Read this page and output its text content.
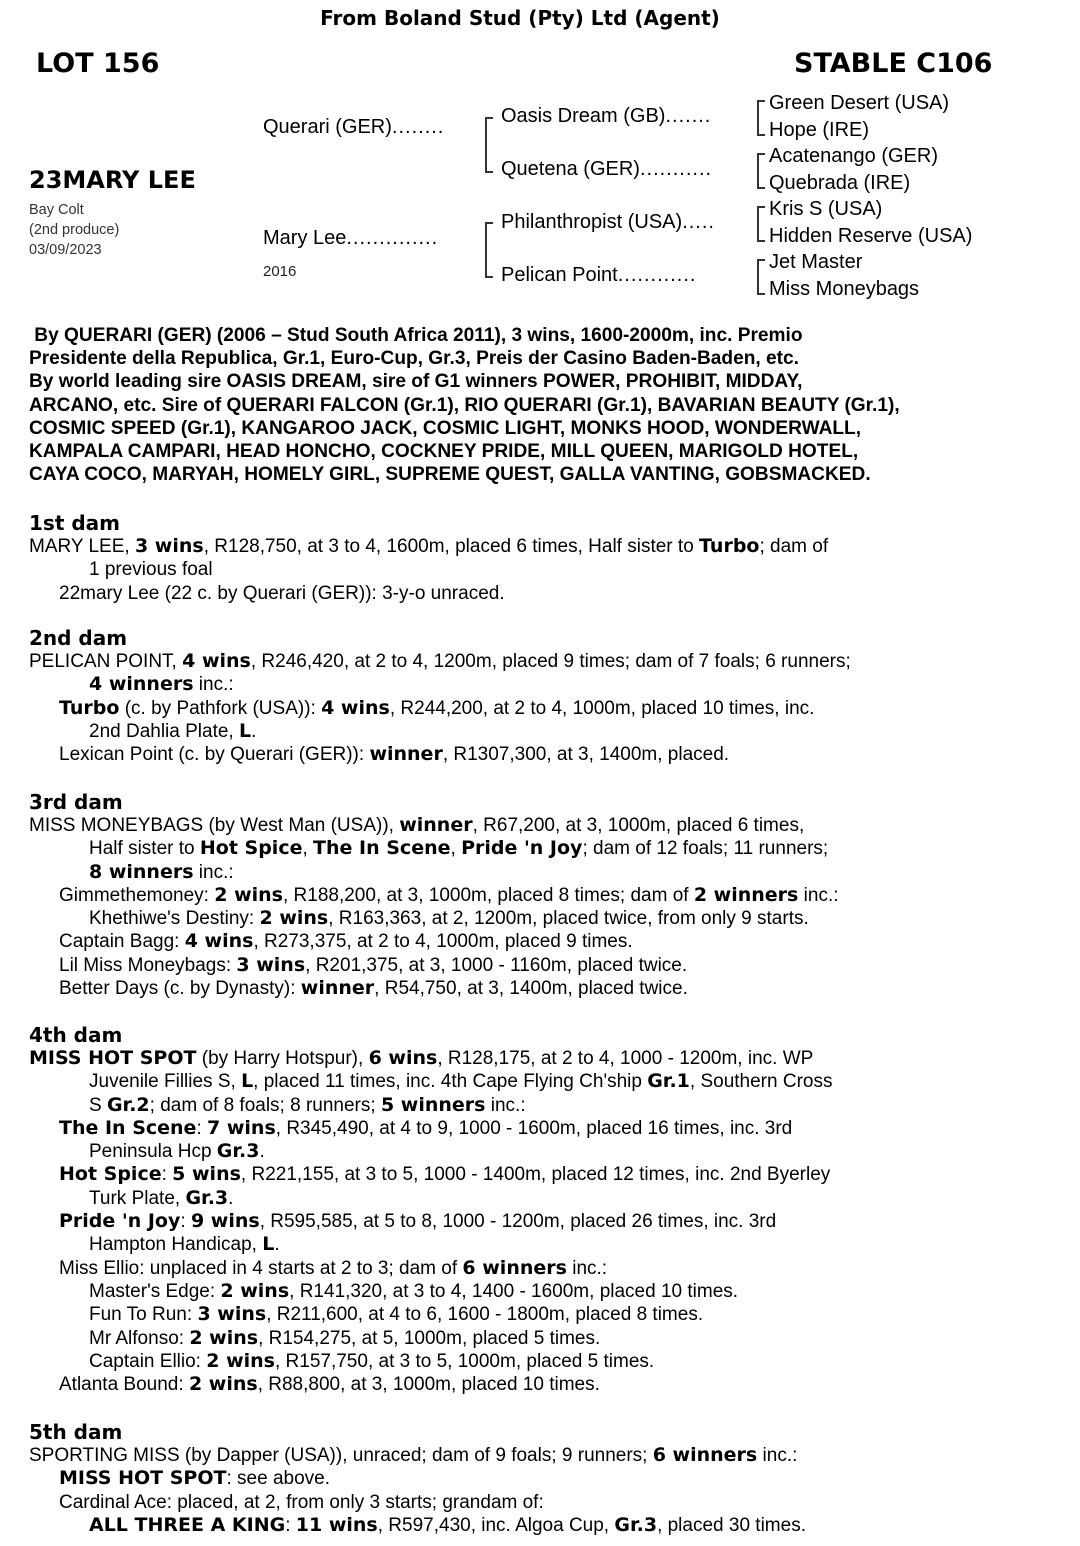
From Boland Stud (Pty) Ltd (Agent)
LOT 156	STABLE C106
23MARY LEE
Bay Colt
(2nd produce)
03/09/2023
Querari (GER)........
Mary Lee..............
2016
Oasis Dream (GB).......
Quetena (GER)...........
Philanthropist (USA).....
Pelican Point............
Green Desert (USA)
Hope (IRE)
Acatenango (GER)
Quebrada (IRE)
Kris S (USA)
Hidden Reserve (USA)
Jet Master
Miss Moneybags
By QUERARI (GER) (2006 – Stud South Africa 2011), 3 wins, 1600-2000m, inc. Premio
Presidente della Republica, Gr.1, Euro-Cup, Gr.3, Preis der Casino Baden-Baden, etc.
By world leading sire OASIS DREAM, sire of G1 winners POWER, PROHIBIT, MIDDAY,
ARCANO, etc. Sire of QUERARI FALCON (Gr.1), RIO QUERARI (Gr.1), BAVARIAN BEAUTY (Gr.1),
COSMIC SPEED (Gr.1), KANGAROO JACK, COSMIC LIGHT, MONKS HOOD, WONDERWALL,
KAMPALA CAMPARI, HEAD HONCHO, COCKNEY PRIDE, MILL QUEEN, MARIGOLD HOTEL,
CAYA COCO, MARYAH, HOMELY GIRL, SUPREME QUEST, GALLA VANTING, GOBSMACKED.
1st dam
MARY LEE, 3 wins, R128,750, at 3 to 4, 1600m, placed 6 times, Half sister to Turbo; dam of
1 previous foal
22mary Lee (22 c. by Querari (GER)): 3-y-o unraced.
2nd dam
PELICAN POINT, 4 wins, R246,420, at 2 to 4, 1200m, placed 9 times; dam of 7 foals; 6 runners;
4 winners inc.:
Turbo (c. by Pathfork (USA)): 4 wins, R244,200, at 2 to 4, 1000m, placed 10 times, inc.
2nd Dahlia Plate, L.
Lexican Point (c. by Querari (GER)): winner, R1307,300, at 3, 1400m, placed.
3rd dam
MISS MONEYBAGS (by West Man (USA)), winner, R67,200, at 3, 1000m, placed 6 times,
Half sister to Hot Spice, The In Scene, Pride 'n Joy; dam of 12 foals; 11 runners;
8 winners inc.:
Gimmethemoney: 2 wins, R188,200, at 3, 1000m, placed 8 times; dam of 2 winners inc.:
Khethiwe's Destiny: 2 wins, R163,363, at 2, 1200m, placed twice, from only 9 starts.
Captain Bagg: 4 wins, R273,375, at 2 to 4, 1000m, placed 9 times.
Lil Miss Moneybags: 3 wins, R201,375, at 3, 1000 - 1160m, placed twice.
Better Days (c. by Dynasty): winner, R54,750, at 3, 1400m, placed twice.
4th dam
MISS HOT SPOT (by Harry Hotspur), 6 wins, R128,175, at 2 to 4, 1000 - 1200m, inc. WP
Juvenile Fillies S, L, placed 11 times, inc. 4th Cape Flying Ch'ship Gr.1, Southern Cross
S Gr.2; dam of 8 foals; 8 runners; 5 winners inc.:
The In Scene: 7 wins, R345,490, at 4 to 9, 1000 - 1600m, placed 16 times, inc. 3rd
Peninsula Hcp Gr.3.
Hot Spice: 5 wins, R221,155, at 3 to 5, 1000 - 1400m, placed 12 times, inc. 2nd Byerley
Turk Plate, Gr.3.
Pride 'n Joy: 9 wins, R595,585, at 5 to 8, 1000 - 1200m, placed 26 times, inc. 3rd
Hampton Handicap, L.
Miss Ellio: unplaced in 4 starts at 2 to 3; dam of 6 winners inc.:
Master's Edge: 2 wins, R141,320, at 3 to 4, 1400 - 1600m, placed 10 times.
Fun To Run: 3 wins, R211,600, at 4 to 6, 1600 - 1800m, placed 8 times.
Mr Alfonso: 2 wins, R154,275, at 5, 1000m, placed 5 times.
Captain Ellio: 2 wins, R157,750, at 3 to 5, 1000m, placed 5 times.
Atlanta Bound: 2 wins, R88,800, at 3, 1000m, placed 10 times.
5th dam
SPORTING MISS (by Dapper (USA)), unraced; dam of 9 foals; 9 runners; 6 winners inc.:
MISS HOT SPOT: see above.
Cardinal Ace: placed, at 2, from only 3 starts; grandam of:
ALL THREE A KING: 11 wins, R597,430, inc. Algoa Cup, Gr.3, placed 30 times.
